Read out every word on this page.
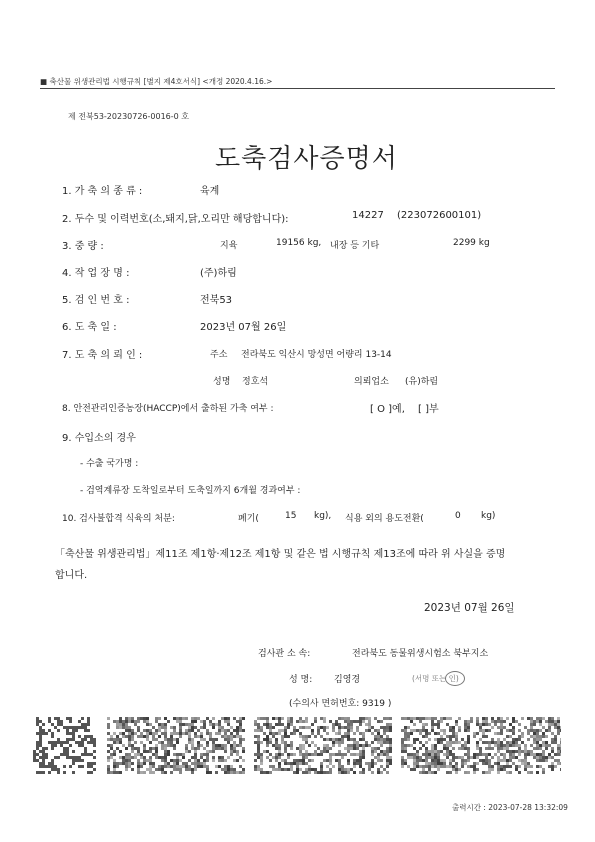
■ 축산물 위생관리법 시행규칙 [별지 제4호서식] <개정 2020.4.16.>
제 전북53-20230726-0016-0 호
도축검사증명서
1. 가 축 의 종 류 :	육계
2. 두수 및 이력번호(소,돼지,닭,오리만 해당합니다):	14227 (223072600101)
3. 중 량 :	지육	19156 kg, 내장 등 기타	2299 kg
4. 작 업 장 명 :	(주)하림
5. 검 인 번 호 :	전북53
6. 도 축 일 :	2023년 07월 26일
7. 도 축 의 뢰 인 :	주소 전라북도 익산시 망성면 어량리 13-14
성명 정호석	의뢰업소 (유)하림
8. 안전관리인증농장(HACCP)에서 출하된 가축 여부 :	[ O ]예, [ ]부
9. 수입소의 경우
- 수출 국가명 :
- 검역계류장 도착일로부터 도축일까지 6개월 경과여부 :
10. 검사불합격 식육의 처분:	폐기(	15 kg), 식용 외의 용도전환(	0 kg)
「축산물 위생관리법」제11조 제1항·제12조 제1항 및 같은 법 시행규칙 제13조에 따라 위 사실을 증명
합니다.
2023년 07월 26일
검사관 소 속:	전라북도 동물위생시험소 북부지소
성 명: 김영경	(서명 또는 인)
(수의사 면허번호: 9319 )
출력시간 : 2023-07-28 13:32:09
